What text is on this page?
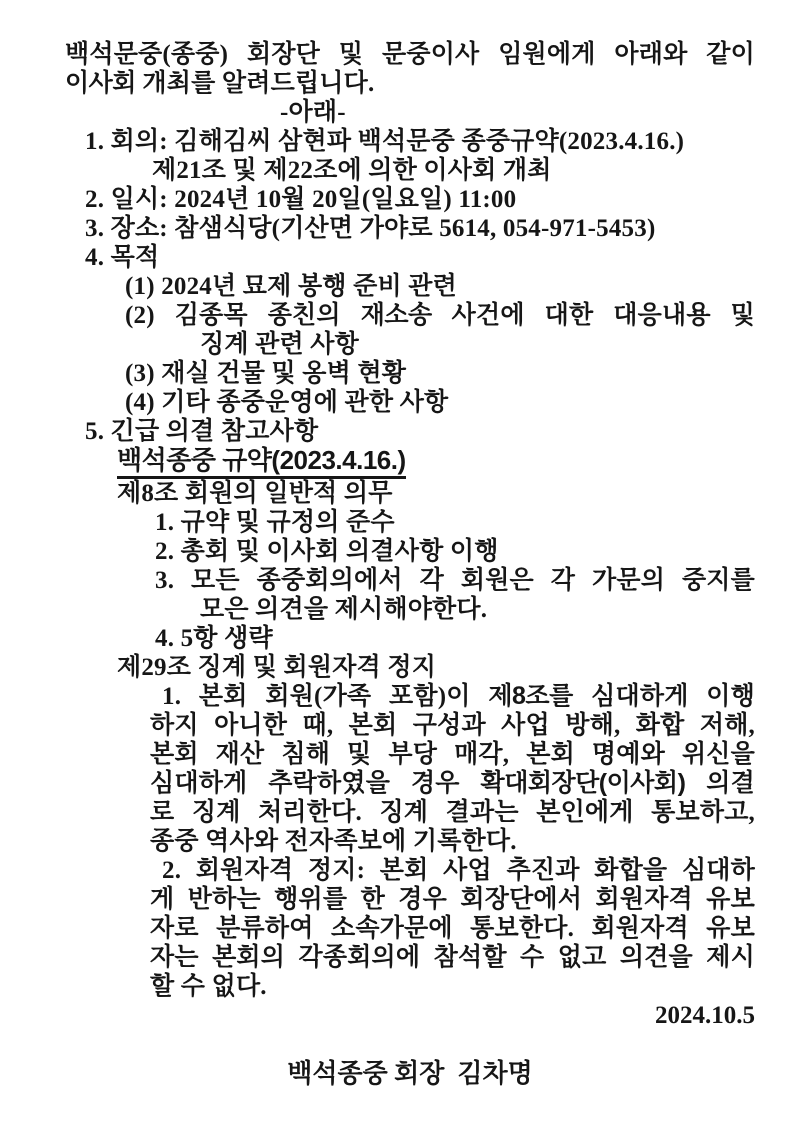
백석문중(종중) 회장단 및 문중이사 임원에게 아래와 같이
이사회 개최를 알려드립니다.
-아래-
1. 회의: 김해김씨 삼현파 백석문중 종중규약(2023.4.16.)
제21조 및 제22조에 의한 이사회 개최
2. 일시: 2024년 10월 20일(일요일) 11:00
3. 장소: 참샘식당(기산면 가야로 5614, 054-971-5453)
4. 목적
(1) 2024년 묘제 봉행 준비 관련
(2) 김종목 종친의 재소송 사건에 대한 대응내용 및
징계 관련 사항
(3) 재실 건물 및 옹벽 현황
(4) 기타 종중운영에 관한 사항
5. 긴급 의결 참고사항
백석종중 규약(2023.4.16.)
제8조 회원의 일반적 의무
1. 규약 및 규정의 준수
2. 총회 및 이사회 의결사항 이행
3. 모든 종중회의에서 각 회원은 각 가문의 중지를
모은 의견을 제시해야한다.
4. 5항 생략
제29조 징계 및 회원자격 정지
1. 본회 회원(가족 포함)이 제8조를 심대하게 이행
하지 아니한 때, 본회 구성과 사업 방해, 화합 저해,
본회 재산 침해 및 부당 매각, 본회 명예와 위신을
심대하게 추락하였을 경우 확대회장단(이사회) 의결
로 징계 처리한다. 징계 결과는 본인에게 통보하고,
종중 역사와 전자족보에 기록한다.
2. 회원자격 정지: 본회 사업 추진과 화합을 심대하
게 반하는 행위를 한 경우 회장단에서 회원자격 유보
자로 분류하여 소속가문에 통보한다. 회원자격 유보
자는 본회의 각종회의에 참석할 수 없고 의견을 제시
할 수 없다.
2024.10.5
백석종중 회장  김차명
